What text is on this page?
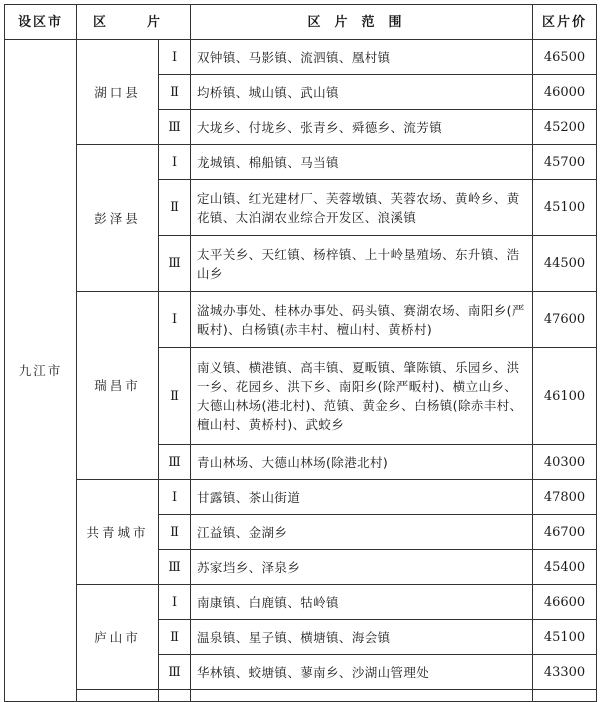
设区市	区　片		区片范围	区片价
九江市	湖口县	Ⅰ	双钟镇、马影镇、流泗镇、凰村镇	46500
		Ⅱ	均桥镇、城山镇、武山镇	46000
		Ⅲ	大垅乡、付垅乡、张青乡、舜德乡、流芳镇	45200
	彭泽县	Ⅰ	龙城镇、棉船镇、马当镇	45700
		Ⅱ	定山镇、红光建材厂、芙蓉墩镇、芙蓉农场、黄岭乡、黄花镇、太泊湖农业综合开发区、浪溪镇	45100
		Ⅲ	太平关乡、天红镇、杨梓镇、上十岭垦殖场、东升镇、浩山乡	44500
	瑞昌市	Ⅰ	湓城办事处、桂林办事处、码头镇、赛湖农场、南阳乡(严畈村)、白杨镇(赤丰村、檀山村、黄桥村)	47600
		Ⅱ	南义镇、横港镇、高丰镇、夏畈镇、肇陈镇、乐园乡、洪一乡、花园乡、洪下乡、南阳乡(除严畈村)、横立山乡、大德山林场(港北村)、范镇、黄金乡、白杨镇(除赤丰村、檀山村、黄桥村)、武蛟乡	46100
		Ⅲ	青山林场、大德山林场(除港北村)	40300
	共青城市	Ⅰ	甘露镇、茶山街道	47800
		Ⅱ	江益镇、金湖乡	46700
		Ⅲ	苏家垱乡、泽泉乡	45400
	庐山市	Ⅰ	南康镇、白鹿镇、牯岭镇	46600
		Ⅱ	温泉镇、星子镇、横塘镇、海会镇	45100
		Ⅲ	华林镇、蛟塘镇、蓼南乡、沙湖山管理处	43300
